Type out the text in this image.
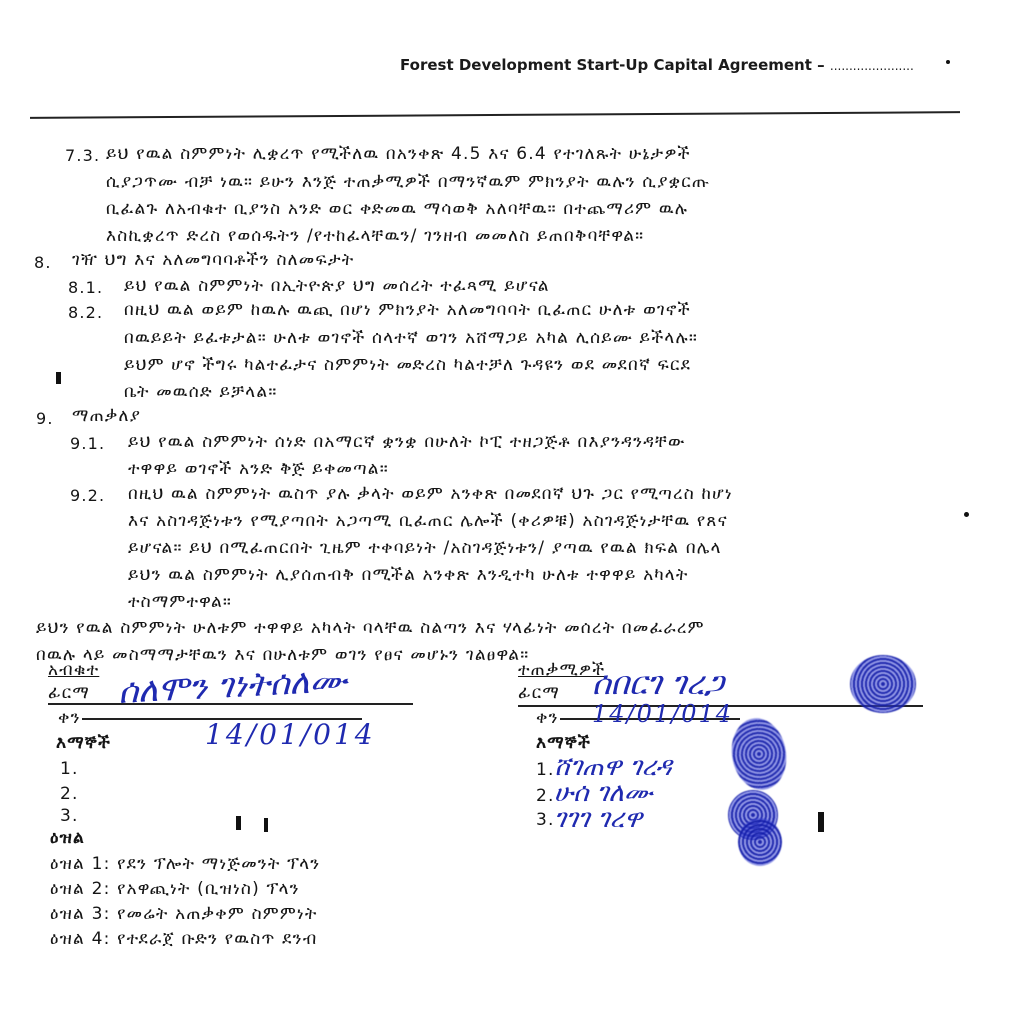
Forest Development Start-Up Capital Agreement – ......................
7.3. ይህ የዉል ስምምነት ሊቋረጥ የሚችለዉ በአንቀጽ 4.5 እና 6.4 የተገለጹት ሁኔታዎች
ሲያጋጥሙ ብቻ ነዉ። ይሁን እንጅ ተጠቃሚዎች በማንኛዉም ምክንያት ዉሉን ሲያቋርጡ
ቢፈልጉ ለአብቁተ ቢያንስ አንድ ወር ቀድመዉ ማሳወቅ አለባቸዉ። በተጨማሪም ዉሉ
እስኪቋረጥ ድረስ የወሰዱትን /የተከፈላቸዉን/ ገንዘብ መመለስ ይጠበቅባቸዋል።
8. ገዥ ህግ እና አለመግባባቶችን ስለመፍታት
8.1. ይህ የዉል ስምምነት በኢትዮጵያ ህግ መሰረት ተፈጻሚ ይሆናል
8.2. በዚህ ዉል ወይም ከዉሉ ዉጪ በሆነ ምክንያት አለመግባባት ቢፈጠር ሁለቱ ወገኖች
በዉይይት ይፈቱታል። ሁለቱ ወገኖች ሰላተኛ ወገን አሸማጋይ አካል ሊሰይሙ ይችላሉ።
ይህም ሆኖ ችግሩ ካልተፈታና ስምምነት መድረስ ካልተቻለ ጉዳዩን ወደ መደበኛ ፍርደ
ቤት መዉሰድ ይቻላል።
9. ማጠቃለያ
9.1. ይህ የዉል ስምምነት ሰነድ በአማርኛ ቋንቋ በሁለት ኮፒ ተዘጋጅቶ በእያንዳንዳቸው
ተዋዋይ ወገኖች አንድ ቅጅ ይቀመጣል።
9.2. በዚህ ዉል ስምምነት ዉስጥ ያሉ ቃላት ወይም አንቀጽ በመደበኛ ህጉ ጋር የሚጣረስ ከሆነ
እና አስገዳጅነቱን የሚያጣበት አጋጣሚ ቢፈጠር ሌሎች (ቀሪዎቹ) አስገዳጅነታቸዉ የጸና
ይሆናል። ይህ በሚፈጠርበት ጊዜም ተቀባይነት /አስገዳጅነቱን/ ያጣዉ የዉል ክፍል በሌላ
ይህን ዉል ስምምነት ሊያሰጠብቅ በሚችል አንቀጽ እንዲተካ ሁለቱ ተዋዋይ አካላት
ተስማምተዋል።
ይህን የዉል ስምምነት ሁለቱም ተዋዋይ አካላት ባላቸዉ ስልጣን እና ሃላፊነት መሰረት በመፈራረም
በዉሉ ላይ መስማማታቸዉን እና በሁለቱም ወገን የፀና መሆኑን ገልፀዋል።
አብቁተ
ፊርማ ሰለሞን ገነትሰለሙ
ቀን	14/01/014
እማኞች
1.
2.
3.
ተጠቃሚዎች
ፊርማ ሰበርገ ገረጋ
ቀን 14/01/014
እማኞች
1.
2.
3.
ሸገጠዋ ገረዳ
ሁሰ ገለሙ
ገገገ ገረዋ
ዕዝል
ዕዝል 1: የደን ፕሎት ማነጅመንት ፕላን
ዕዝል 2: የአዋጪነት (ቢዝነስ) ፕላን
ዕዝል 3: የመሬት አጠቃቀም ስምምነት
ዕዝል 4: የተደራጀ ቡድን የዉስጥ ደንብ
